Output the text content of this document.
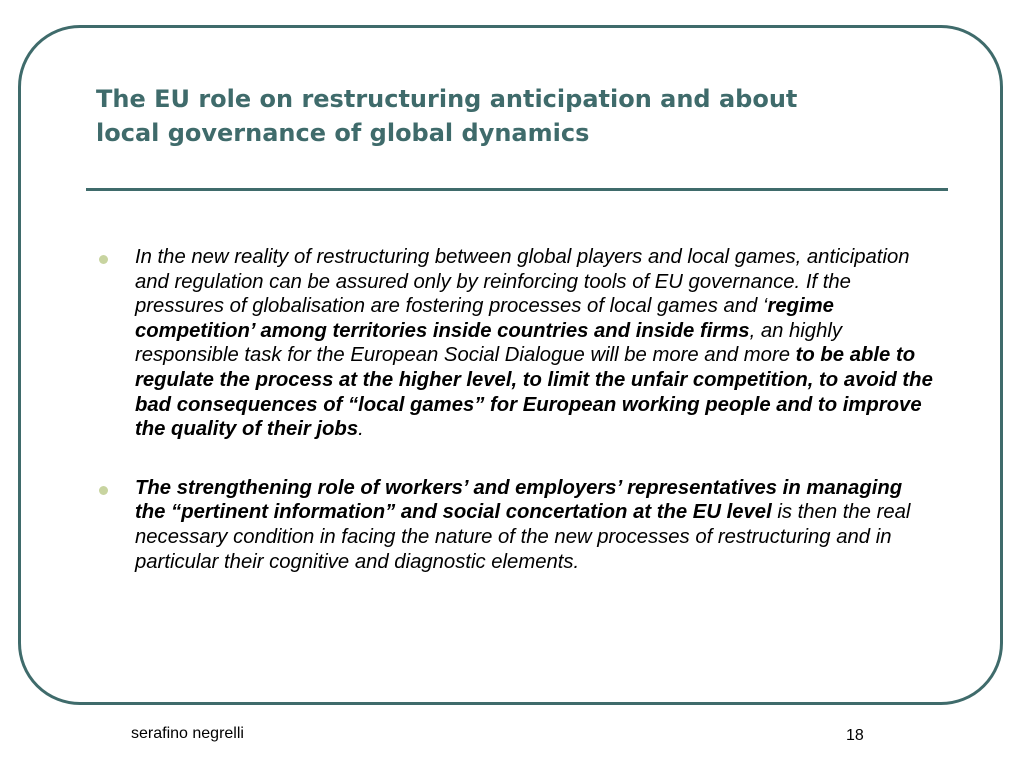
The EU role on restructuring anticipation and about
local governance of global dynamics
In the new reality of restructuring between global players and local games, anticipation and regulation can be assured only by reinforcing tools of EU governance. If the pressures of globalisation are fostering processes of local games and ‘regime competition’ among territories inside countries and inside firms, an highly responsible task for the European Social Dialogue will be more and more to be able to regulate the process at the higher level, to limit the unfair competition, to avoid the bad consequences of “local games” for European working people and to improve the quality of their jobs.
The strengthening role of workers’ and employers’ representatives in managing the “pertinent information” and social concertation at the EU level is then the real necessary condition in facing the nature of the new processes of restructuring and in particular their cognitive and diagnostic elements.
serafino negrelli	18
